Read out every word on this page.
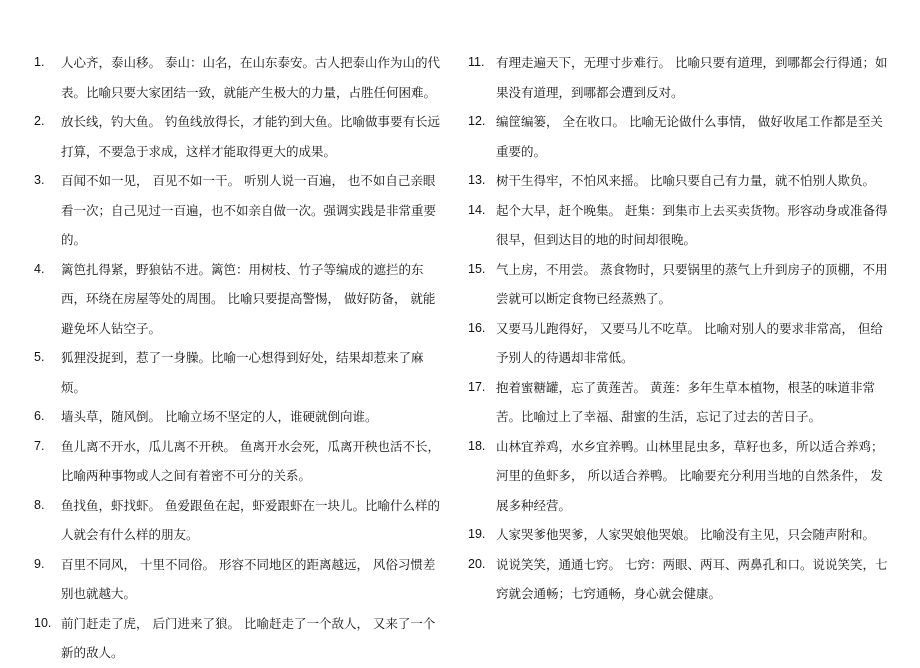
1.	人心齐，泰山移。 泰山：山名，在山东泰安。古人把泰山作为山的代表。比喻只要大家团结一致，就能产生极大的力量，占胜任何困难。
2.	放长线，钓大鱼。 钓鱼线放得长，才能钓到大鱼。比喻做事要有长远打算，不要急于求成，这样才能取得更大的成果。
3.	百闻不如一见， 百见不如一干。 听别人说一百遍， 也不如自己亲眼看一次；自己见过一百遍，也不如亲自做一次。强调实践是非常重要的。
4.	篱笆扎得紧，野狼钻不进。篱笆：用树枝、竹子等编成的遮拦的东西，环绕在房屋等处的周围。 比喻只要提高警惕， 做好防备， 就能避免坏人钻空子。
5.	狐狸没捉到，惹了一身臊。比喻一心想得到好处，结果却惹来了麻烦。
6.	墙头草，随风倒。 比喻立场不坚定的人，谁硬就倒向谁。
7.	鱼儿离不开水，瓜儿离不开秧。 鱼离开水会死，瓜离开秧也活不长，比喻两种事物或人之间有着密不可分的关系。
8.	鱼找鱼，虾找虾。 鱼爱跟鱼在起，虾爱跟虾在一块儿。比喻什么样的人就会有什么样的朋友。
9.	百里不同风， 十里不同俗。 形容不同地区的距离越远， 风俗习惯差别也就越大。
10. 前门赶走了虎， 后门进来了狼。 比喻赶走了一个敌人， 又来了一个新的敌人。
11. 有理走遍天下，无理寸步难行。 比喻只要有道理，到哪都会行得通；如果没有道理，到哪都会遭到反对。
12. 编筐编篓， 全在收口。 比喻无论做什么事情， 做好收尾工作都是至关重要的。
13. 树干生得牢，不怕风来摇。 比喻只要自己有力量，就不怕别人欺负。
14. 起个大早，赶个晚集。 赶集：到集市上去买卖货物。形容动身或准备得很早，但到达目的地的时间却很晚。
15. 气上房，不用尝。 蒸食物时，只要锅里的蒸气上升到房子的顶棚，不用尝就可以断定食物已经蒸熟了。
16. 又要马儿跑得好， 又要马儿不吃草。 比喻对别人的要求非常高， 但给予别人的待遇却非常低。
17. 抱着蜜糖罐，忘了黄莲苦。 黄莲：多年生草本植物，根茎的味道非常苦。比喻过上了幸福、甜蜜的生活，忘记了过去的苦日子。
18. 山林宜养鸡，水乡宜养鸭。山林里昆虫多，草籽也多，所以适合养鸡；河里的鱼虾多， 所以适合养鸭。 比喻要充分利用当地的自然条件， 发展多种经营。
19. 人家哭爹他哭爹，人家哭娘他哭娘。 比喻没有主见，只会随声附和。
20. 说说笑笑，通通七窍。 七窍：两眼、两耳、两鼻孔和口。说说笑笑，七窍就会通畅；七窍通畅，身心就会健康。
